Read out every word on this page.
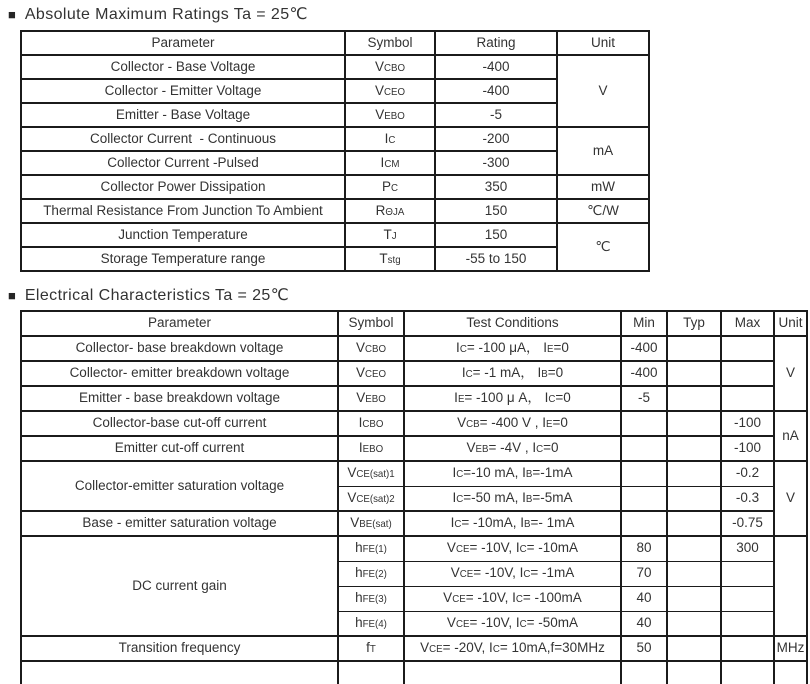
■ Absolute Maximum Ratings Ta = 25℃
Parameter	Symbol	Rating	Unit
Collector - Base Voltage	VCBO	-400	V
Collector - Emitter Voltage	VCEO	-400	
Emitter - Base Voltage	VEBO	-5	
Collector Current  - Continuous	IC	-200	mA
Collector Current -Pulsed	ICM	-300	
Collector Power Dissipation	PC	350	mW
Thermal Resistance From Junction To Ambient	RΘJA	150	℃/W
Junction Temperature	TJ	150	℃
Storage Temperature range	Tstg	-55 to 150	
■ Electrical Characteristics Ta = 25℃
Parameter	Symbol	Test Conditions	Min	Typ	Max	Unit
Collector- base breakdown voltage	VCBO	IC= -100 μA， IE=0	-400			V
Collector- emitter breakdown voltage	VCEO	IC= -1 mA， IB=0	-400			
Emitter - base breakdown voltage	VEBO	IE= -100 μ A， IC=0	-5			
Collector-base cut-off current	ICBO	VCB= -400 V , IE=0			-100	nA
Emitter cut-off current	IEBO	VEB= -4V , IC=0			-100	
Collector-emitter saturation voltage	VCE(sat)1	IC=-10 mA, IB=-1mA			-0.2	V
	VCE(sat)2	IC=-50 mA, IB=-5mA			-0.3	
Base - emitter saturation voltage	VBE(sat)	IC= -10mA, IB=- 1mA			-0.75	
DC current gain	hFE(1)	VCE= -10V, IC= -10mA	80		300	
	hFE(2)	VCE= -10V, IC= -1mA	70			
	hFE(3)	VCE= -10V, IC= -100mA	40			
	hFE(4)	VCE= -10V, IC= -50mA	40			
Transition frequency	fT	VCE= -20V, IC= 10mA,f=30MHz	50			MHz
